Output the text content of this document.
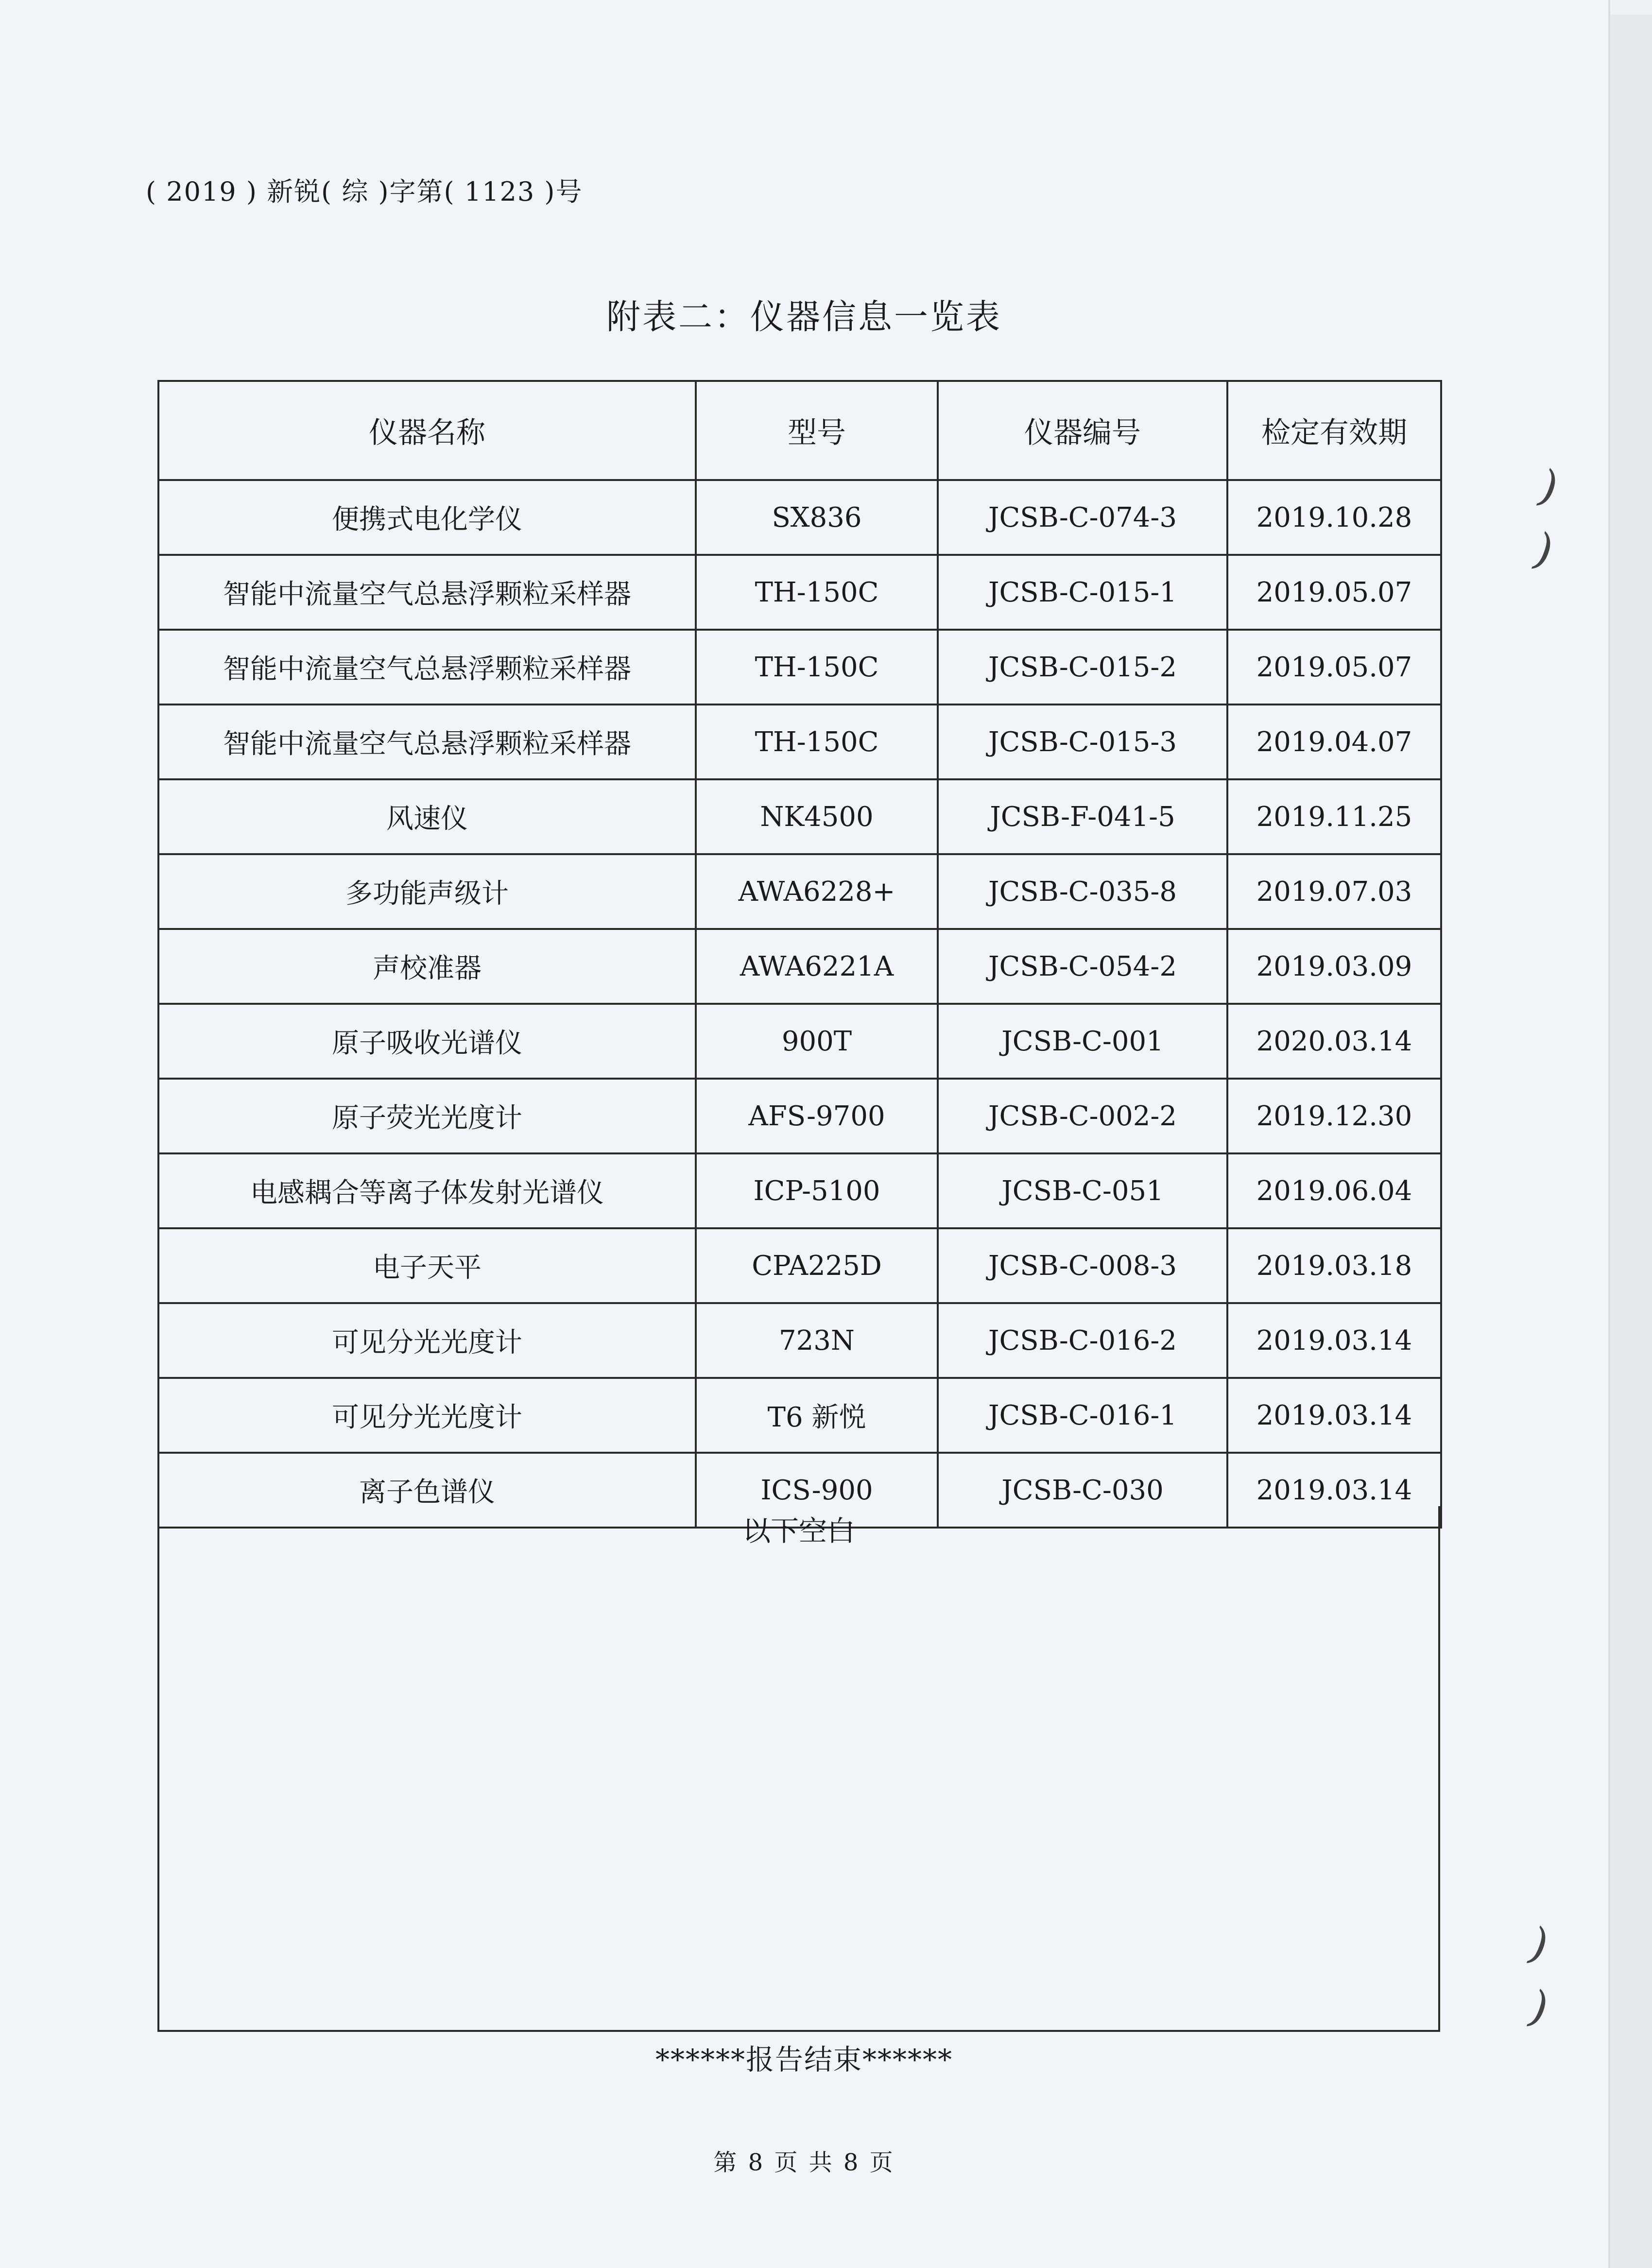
)
)
)
)
( 2019 ) 新锐( 综 )字第( 1123 )号
附表二：仪器信息一览表
仪器名称	型号	仪器编号	检定有效期
便携式电化学仪	SX836	JCSB-C-074-3	2019.10.28
智能中流量空气总悬浮颗粒采样器	TH-150C	JCSB-C-015-1	2019.05.07
智能中流量空气总悬浮颗粒采样器	TH-150C	JCSB-C-015-2	2019.05.07
智能中流量空气总悬浮颗粒采样器	TH-150C	JCSB-C-015-3	2019.04.07
风速仪	NK4500	JCSB-F-041-5	2019.11.25
多功能声级计	AWA6228+	JCSB-C-035-8	2019.07.03
声校准器	AWA6221A	JCSB-C-054-2	2019.03.09
原子吸收光谱仪	900T	JCSB-C-001	2020.03.14
原子荧光光度计	AFS-9700	JCSB-C-002-2	2019.12.30
电感耦合等离子体发射光谱仪	ICP-5100	JCSB-C-051	2019.06.04
电子天平	CPA225D	JCSB-C-008-3	2019.03.18
可见分光光度计	723N	JCSB-C-016-2	2019.03.14
可见分光光度计	T6 新悦	JCSB-C-016-1	2019.03.14
离子色谱仪	ICS-900	JCSB-C-030	2019.03.14
以下空白
******报告结束******
第 8 页 共 8 页
